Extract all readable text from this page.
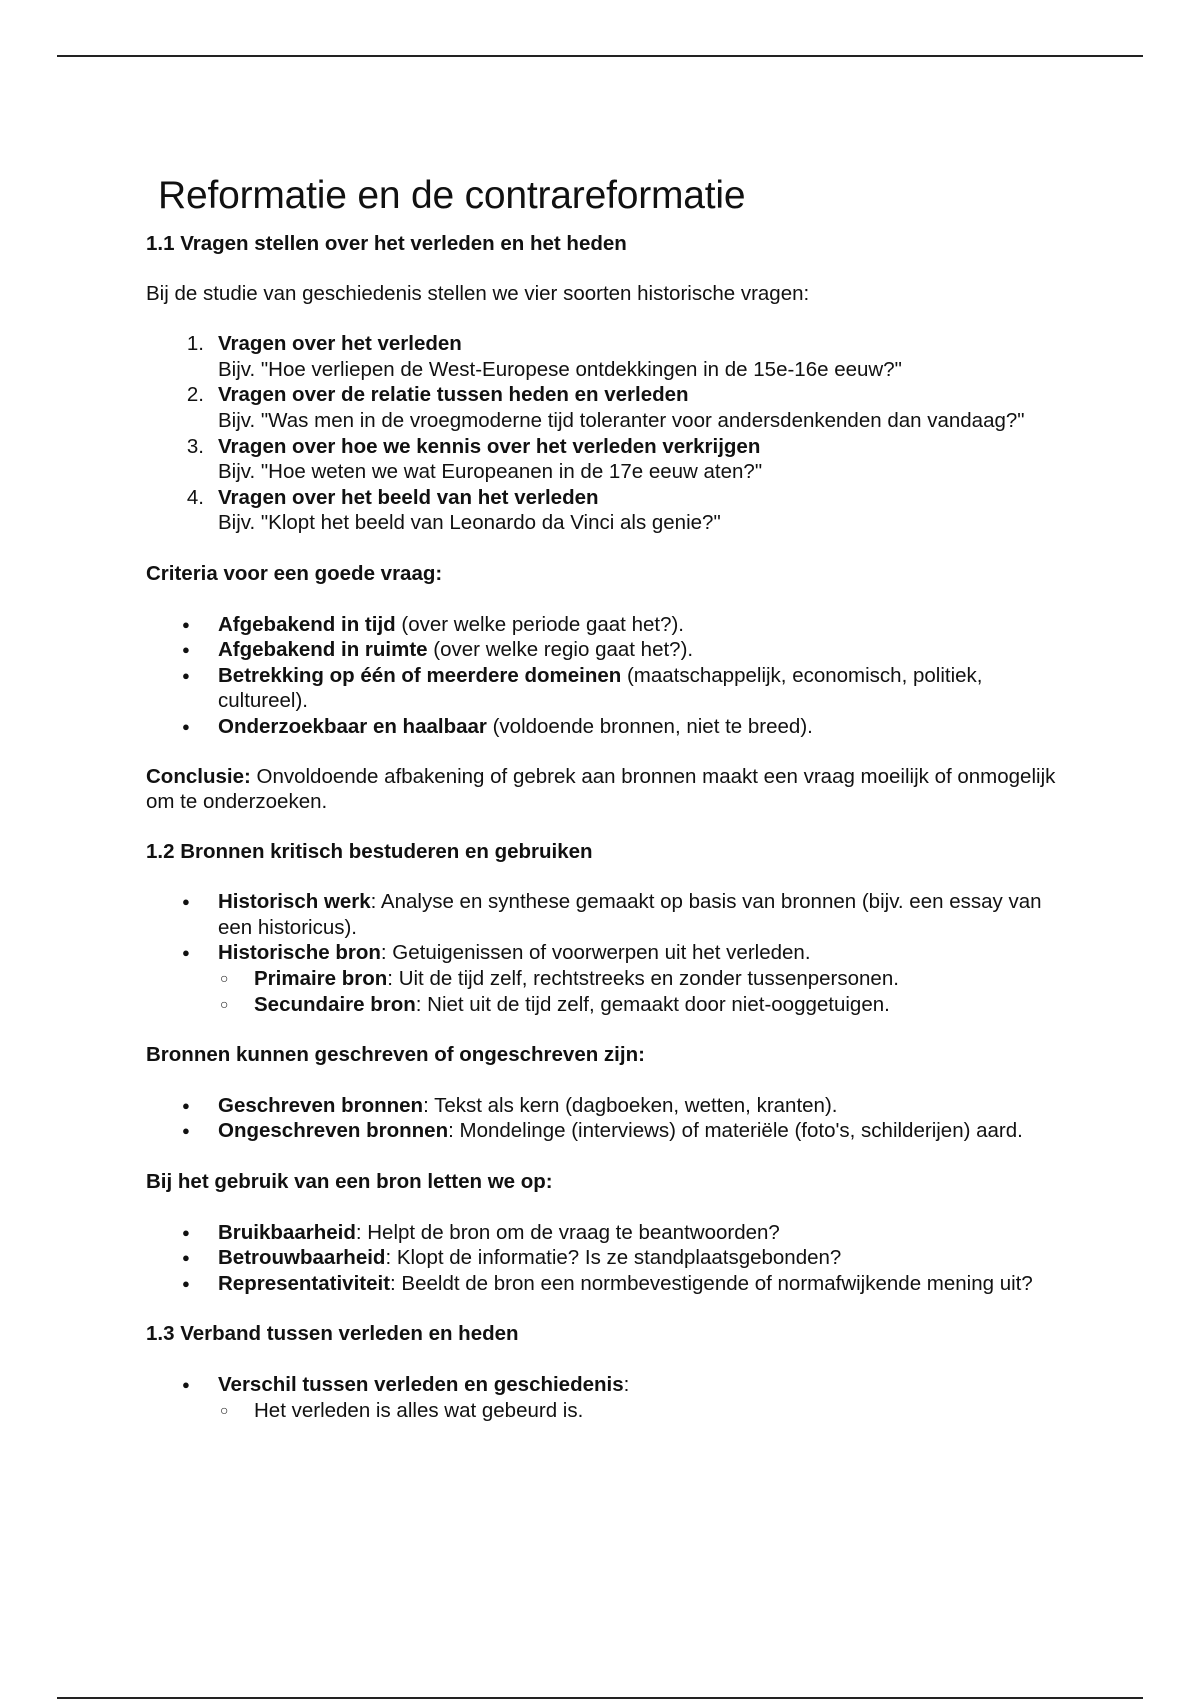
Reformatie en de contrareformatie
1.1 Vragen stellen over het verleden en het heden

Bij de studie van geschiedenis stellen we vier soorten historische vragen:

1. Vragen over het verleden
Bijv. "Hoe verliepen de West-Europese ontdekkingen in de 15e-16e eeuw?"
2. Vragen over de relatie tussen heden en verleden
Bijv. "Was men in de vroegmoderne tijd toleranter voor andersdenkenden dan vandaag?"
3. Vragen over hoe we kennis over het verleden verkrijgen
Bijv. "Hoe weten we wat Europeanen in de 17e eeuw aten?"
4. Vragen over het beeld van het verleden
Bijv. "Klopt het beeld van Leonardo da Vinci als genie?"

Criteria voor een goede vraag:

● Afgebakend in tijd (over welke periode gaat het?).
● Afgebakend in ruimte (over welke regio gaat het?).
● Betrekking op één of meerdere domeinen (maatschappelijk, economisch, politiek, cultureel).
● Onderzoekbaar en haalbaar (voldoende bronnen, niet te breed).

Conclusie: Onvoldoende afbakening of gebrek aan bronnen maakt een vraag moeilijk of onmogelijk om te onderzoeken.

1.2 Bronnen kritisch bestuderen en gebruiken
● Historisch werk: Analyse en synthese gemaakt op basis van bronnen (bijv. een essay van een historicus).
● Historische bron: Getuigenissen of voorwerpen uit het verleden.
○ Primaire bron: Uit de tijd zelf, rechtstreeks en zonder tussenpersonen.
○ Secundaire bron: Niet uit de tijd zelf, gemaakt door niet-ooggetuigen.

Bronnen kunnen geschreven of ongeschreven zijn:

● Geschreven bronnen: Tekst als kern (dagboeken, wetten, kranten).
● Ongeschreven bronnen: Mondelinge (interviews) of materiële (foto's, schilderijen) aard.

Bij het gebruik van een bron letten we op:

● Bruikbaarheid: Helpt de bron om de vraag te beantwoorden?
● Betrouwbaarheid: Klopt de informatie? Is ze standplaatsgebonden?
● Representativiteit: Beeldt de bron een normbevestigende of normafwijkende mening uit?
1.3 Verband tussen verleden en heden
● Verschil tussen verleden en geschiedenis:
○ Het verleden is alles wat gebeurd is.
